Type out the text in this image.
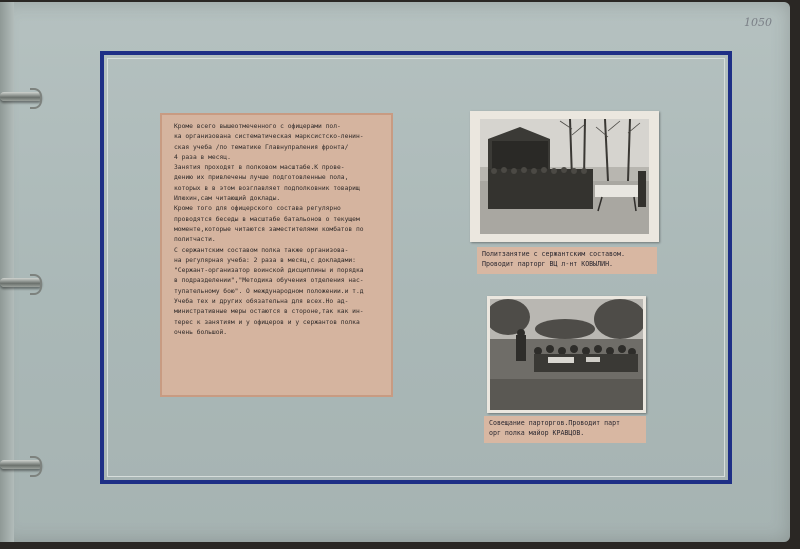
1050

Кроме всего вышеотмеченного с офицерами пол-
ка организована систематическая марксистско-ленин-
ская учеба /по тематике Главнупраления фронта/
4 раза в месяц.

Занятия проходят в полковом масштабе.К прове-
дению их привлечены лучше подготовленные пола,
которых в в этом возглавляет подполковник товарищ
Илюхин,сам читающий доклады.

Кроме того для офицерского состава регулярно
проводятся беседы в масштабе батальонов о текущем
моменте,которые читаются заместителями комбатов по
политчасти.

С сержантским составом полка также организова-
на регулярная учеба: 2 раза в месяц,с докладами:
"Сержант-организатор воинской дисциплины и порядка
в подразделении","Методика обучения отделения нас-
тупательному бою". О международном положении.и т.д

Учеба тех и других обязательна для всех.Но ад-
министративные меры остаются в стороне,так как ин-
терес к занятиям и у офицеров и у сержантов полка
очень большой.

Политзанятие с сержантским составом.
Проводит парторг ВЦ л-нт КОВЫЛИН.
Совещание парторгов.Проводит парт
орг полка майор КРАВЦОВ.
